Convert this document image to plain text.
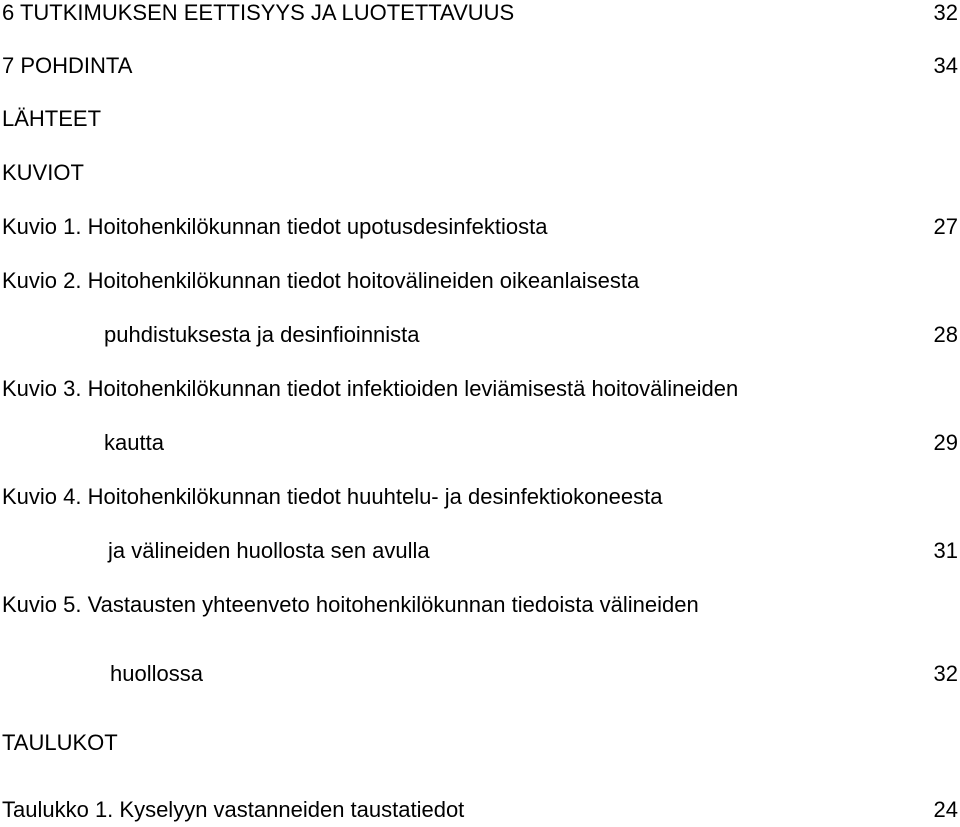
6 TUTKIMUKSEN EETTISYYS JA LUOTETTAVUUS	32
7 POHDINTA	34
LÄHTEET
KUVIOT
Kuvio 1. Hoitohenkilökunnan tiedot upotusdesinfektiosta	27
Kuvio 2. Hoitohenkilökunnan tiedot hoitovälineiden oikeanlaisesta
puhdistuksesta ja desinfioinnista	28
Kuvio 3. Hoitohenkilökunnan tiedot infektioiden leviämisestä hoitovälineiden
kautta	29
Kuvio 4. Hoitohenkilökunnan tiedot huuhtelu- ja desinfektiokoneesta
ja välineiden huollosta sen avulla	31
Kuvio 5. Vastausten yhteenveto hoitohenkilökunnan tiedoista välineiden
huollossa	32
TAULUKOT
Taulukko 1. Kyselyyn vastanneiden taustatiedot	24
